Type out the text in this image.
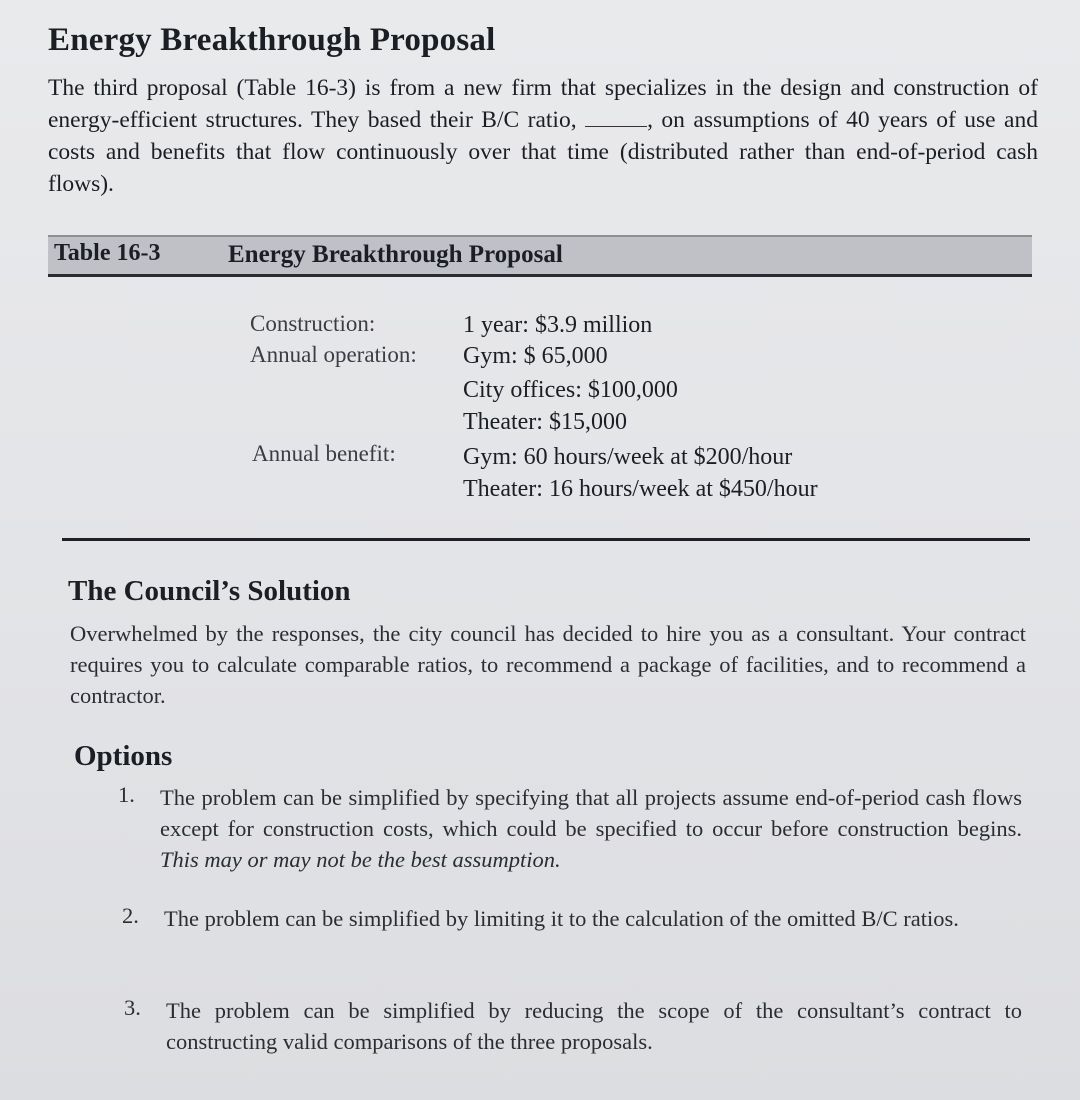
Energy Breakthrough Proposal

The third proposal (Table 16-3) is from a new firm that specializes in the design and construction of energy-efficient structures. They based their B/C ratio,	, on assumptions of 40 years of use and costs and benefits that flow continuously over that time (distributed rather than end-of-period cash flows).

Table 16-3	Energy Breakthrough Proposal
Construction:	1 year: $3.9 million
Annual operation: Gym: $ 65,000
City offices: $100,000
Theater: $15,000
Annual benefit:	Gym: 60 hours/week at $200/hour
Theater: 16 hours/week at $450/hour
The Council’s Solution

Overwhelmed by the responses, the city council has decided to hire you as a consultant. Your contract requires you to calculate comparable ratios, to recommend a package of facilities, and to recommend a contractor.

Options
1. The problem can be simplified by specifying that all projects assume end-of-period cash flows except for construction costs, which could be specified to occur before construction begins. This may or may not be the best assumption.

2. The problem can be simplified by limiting it to the calculation of the omitted B/C ratios.

3. The problem can be simplified by reducing the scope of the consultant’s contract to constructing valid comparisons of the three proposals.
